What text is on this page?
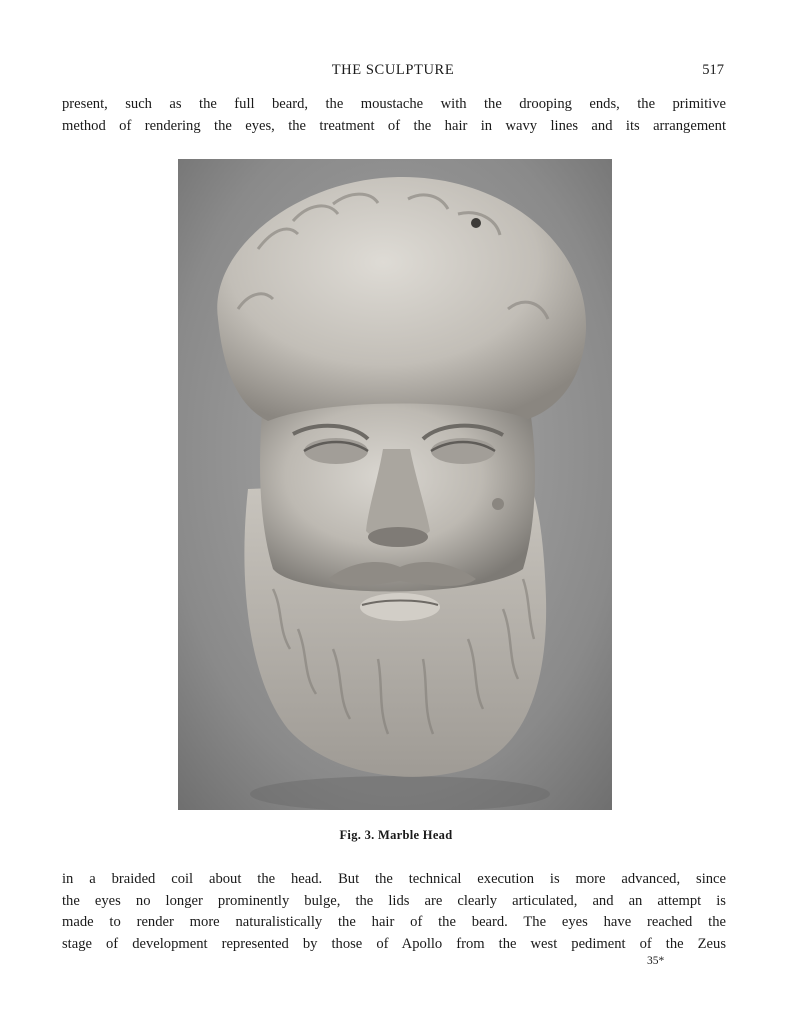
THE SCULPTURE	517
present, such as the full beard, the moustache with the drooping ends, the primitive
method of rendering the eyes, the treatment of the hair in wavy lines and its arrangement
Fig. 3. Marble Head
in a braided coil about the head. But the technical execution is more advanced, since
the eyes no longer prominently bulge, the lids are clearly articulated, and an attempt is
made to render more naturalistically the hair of the beard. The eyes have reached the
stage of development represented by those of Apollo from the west pediment of the Zeus
35*
